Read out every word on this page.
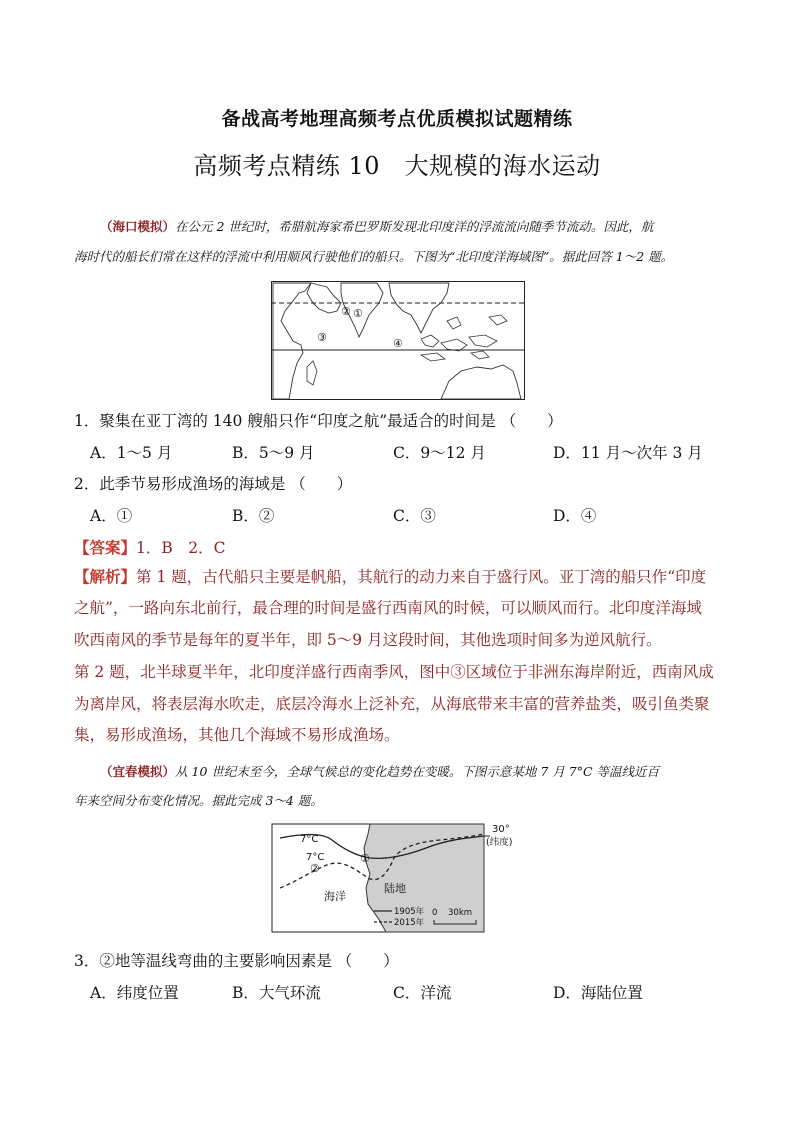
备战高考地理高频考点优质模拟试题精练
高频考点精练 10　大规模的海水运动
（海口模拟）在公元 2 世纪时，希腊航海家希巴罗斯发现北印度洋的浮流流向随季节流动。因此，航
海时代的船长们常在这样的浮流中利用顺风行驶他们的船只。下图为“北印度洋海域图”。据此回答 1～2 题。
①
②
③	④
1．聚集在亚丁湾的 140 艘船只作“印度之航”最适合的时间是 （　　）
A．1～5 月	B．5～9 月	C．9～12 月	D．11 月～次年 3 月
2．此季节易形成渔场的海域是 （　　）
A．①	B．②	C．③	D．④
【答案】1．B　2．C
【解析】第 1 题，古代船只主要是帆船，其航行的动力来自于盛行风。亚丁湾的船只作“印度
之航”，一路向东北前行，最合理的时间是盛行西南风的时候，可以顺风而行。北印度洋海域
吹西南风的季节是每年的夏半年，即 5～9 月这段时间，其他选项时间多为逆风航行。
第 2 题，北半球夏半年，北印度洋盛行西南季风，图中③区域位于非洲东海岸附近，西南风成
为离岸风，将表层海水吹走，底层冷海水上泛补充，从海底带来丰富的营养盐类，吸引鱼类聚
集，易形成渔场，其他几个海域不易形成渔场。
（宜春模拟）从 10 世纪末至今，全球气候总的变化趋势在变暖。下图示意某地 7 月 7°C 等温线近百
年来空间分布变化情况。据此完成 3～4 题。
30°
(纬度)
7°C
7°C	①
②
海洋
陆地
1905年
2015年
0 30km
3．②地等温线弯曲的主要影响因素是 （　　）
A．纬度位置	B．大气环流	C．洋流	D．海陆位置
